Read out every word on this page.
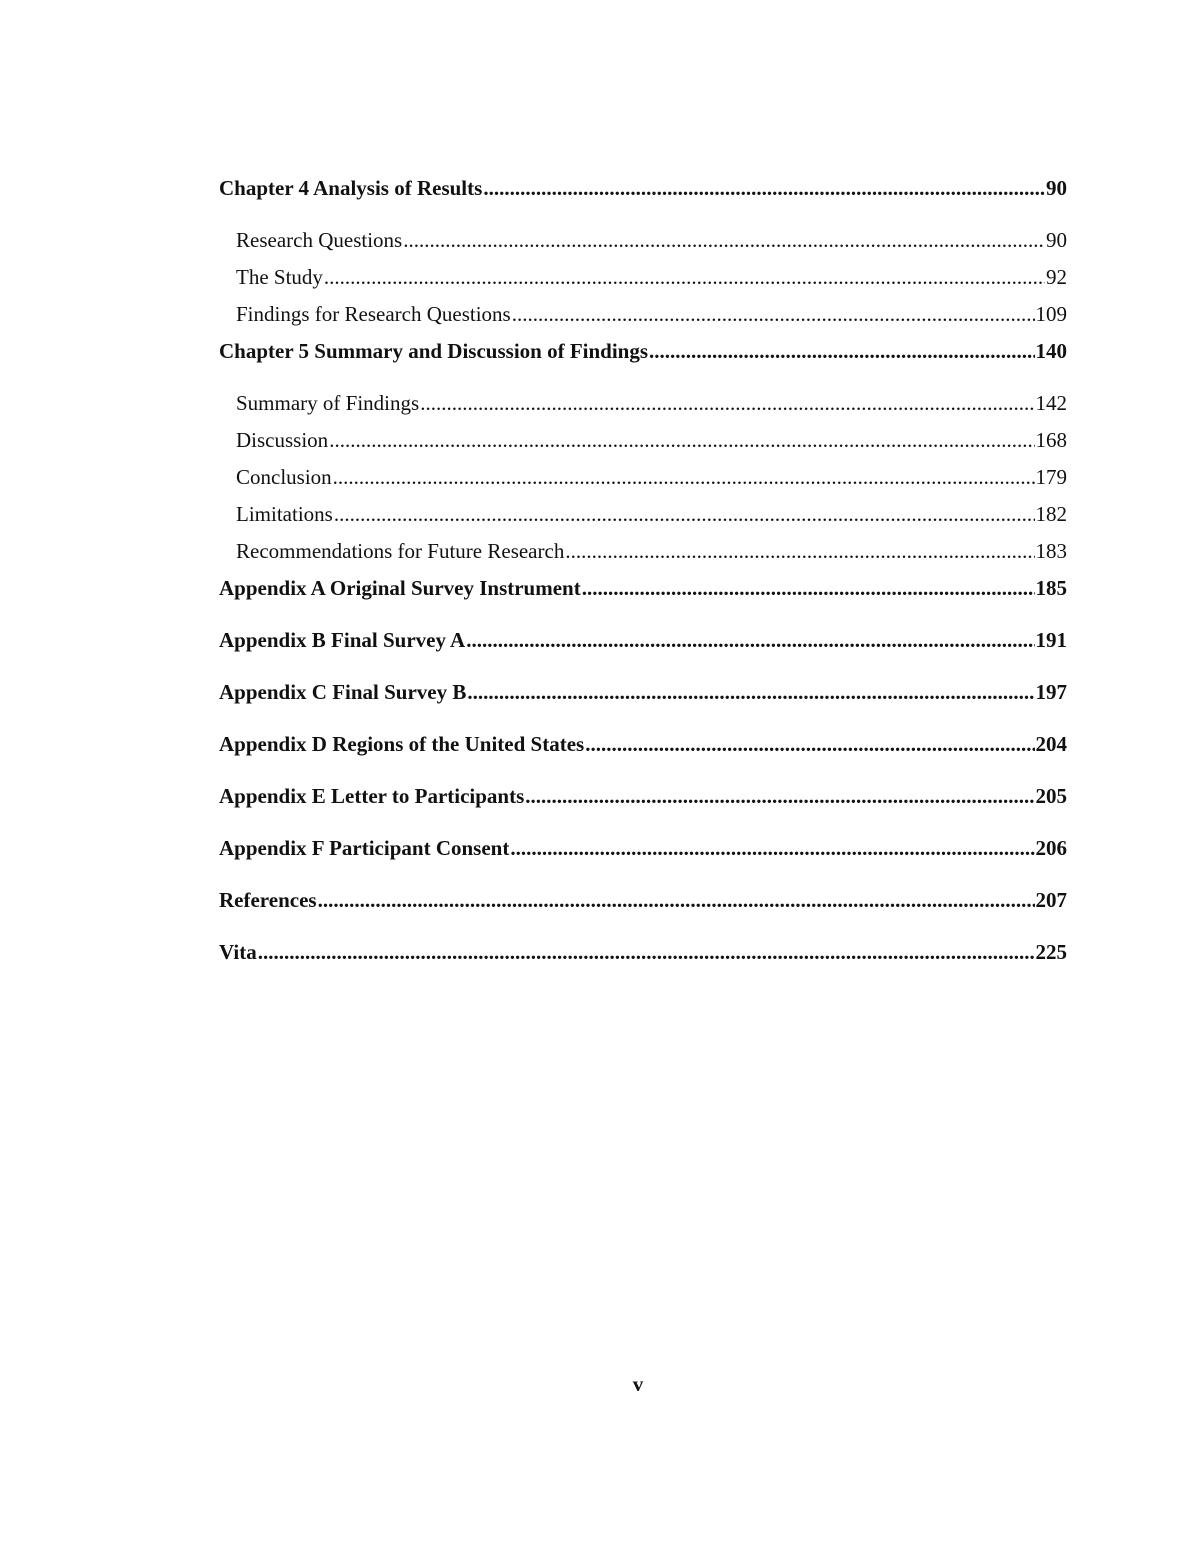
Chapter 4 Analysis of Results .....	90
Research Questions .....	90
The Study .....	92
Findings for Research Questions .....	109
Chapter 5 Summary and Discussion of Findings .....	140
Summary of Findings .....	142
Discussion .....	168
Conclusion .....	179
Limitations .....	182
Recommendations for Future Research .....	183
Appendix A Original Survey Instrument .....	185
Appendix B Final Survey A .....	191
Appendix C Final Survey B .....	197
Appendix D Regions of the United States .....	204
Appendix E Letter to Participants .....	205
Appendix F Participant Consent .....	206
References .....	207
Vita .....	225
v
